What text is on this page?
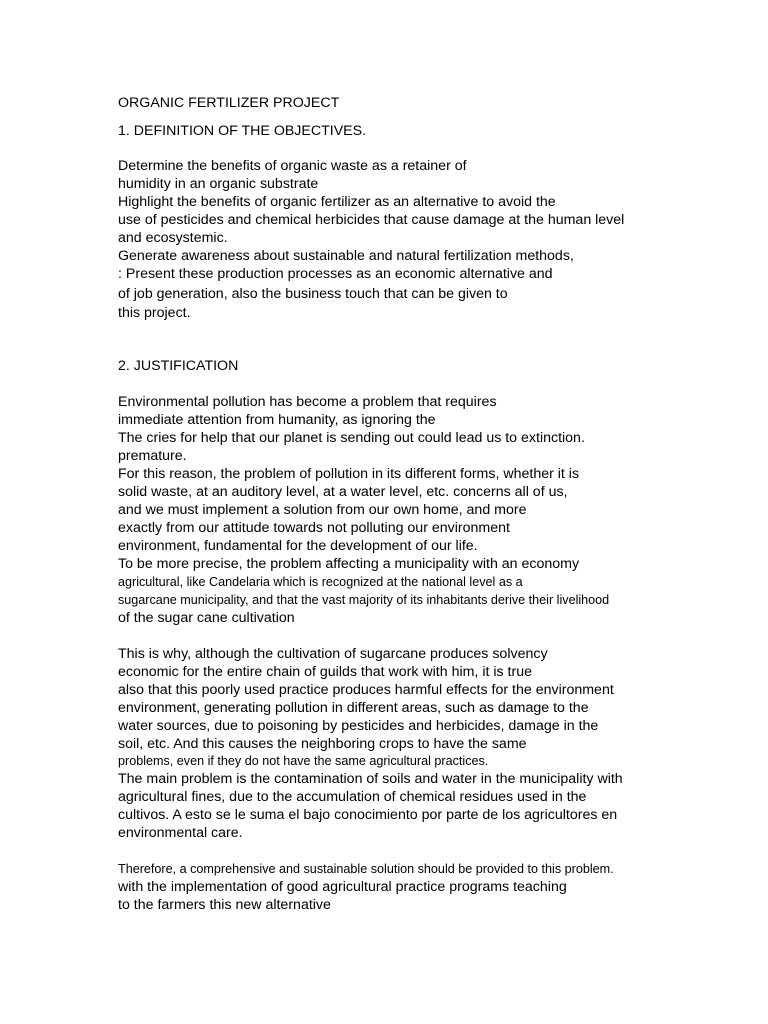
ORGANIC FERTILIZER PROJECT
1. DEFINITION OF THE OBJECTIVES.
Determine the benefits of organic waste as a retainer of
humidity in an organic substrate
Highlight the benefits of organic fertilizer as an alternative to avoid the
use of pesticides and chemical herbicides that cause damage at the human level
and ecosystemic.
Generate awareness about sustainable and natural fertilization methods,
: Present these production processes as an economic alternative and
of job generation, also the business touch that can be given to
this project.
2. JUSTIFICATION
Environmental pollution has become a problem that requires
immediate attention from humanity, as ignoring the
The cries for help that our planet is sending out could lead us to extinction.
premature.
For this reason, the problem of pollution in its different forms, whether it is
solid waste, at an auditory level, at a water level, etc. concerns all of us,
and we must implement a solution from our own home, and more
exactly from our attitude towards not polluting our environment
environment, fundamental for the development of our life.
To be more precise, the problem affecting a municipality with an economy
agricultural, like Candelaria which is recognized at the national level as a
sugarcane municipality, and that the vast majority of its inhabitants derive their livelihood
of the sugar cane cultivation
This is why, although the cultivation of sugarcane produces solvency
economic for the entire chain of guilds that work with him, it is true
also that this poorly used practice produces harmful effects for the environment
environment, generating pollution in different areas, such as damage to the
water sources, due to poisoning by pesticides and herbicides, damage in the
soil, etc. And this causes the neighboring crops to have the same
problems, even if they do not have the same agricultural practices.
The main problem is the contamination of soils and water in the municipality with
agricultural fines, due to the accumulation of chemical residues used in the
cultivos. A esto se le suma el bajo conocimiento por parte de los agricultores en
environmental care.
Therefore, a comprehensive and sustainable solution should be provided to this problem.
with the implementation of good agricultural practice programs teaching
to the farmers this new alternative
